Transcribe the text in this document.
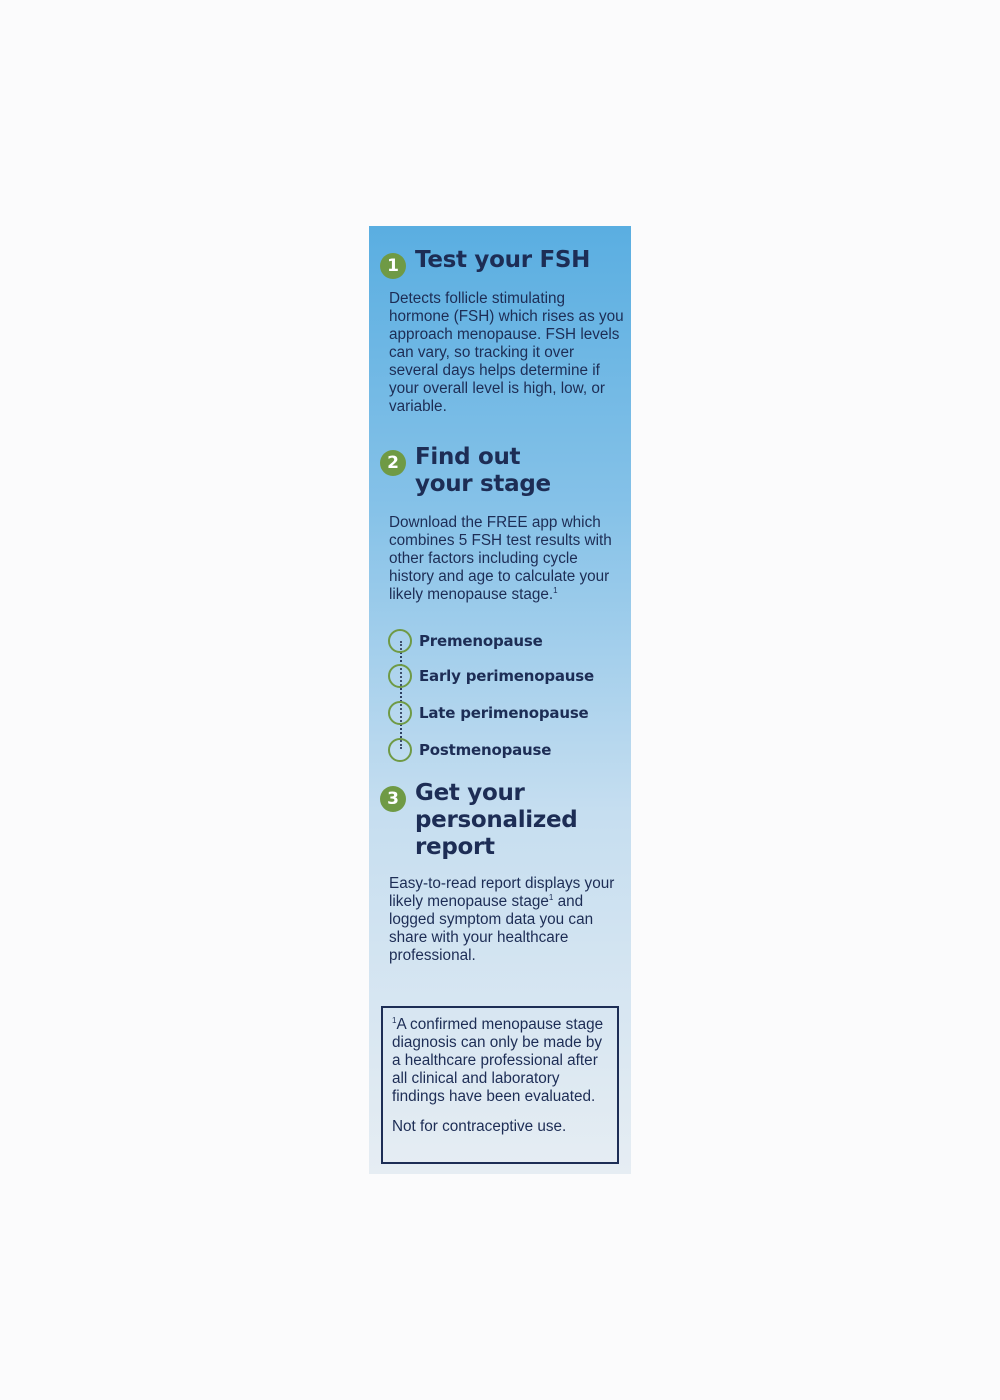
1 Test your FSH

Detects follicle stimulating hormone (FSH) which rises as you approach menopause. FSH levels can vary, so tracking it over several days helps determine if your overall level is high, low, or variable.

2 Find out
your stage

Download the FREE app which combines 5 FSH test results with other factors including cycle history and age to calculate your likely menopause stage.$^1$

Premenopause
Early perimenopause
Late perimenopause
Postmenopause
3 Get your
personalized
report

Easy-to-read report displays your likely menopause stage$^1$ and logged symptom data you can share with your healthcare professional.

$^1$A confirmed menopause stage diagnosis can only be made by a healthcare professional after all clinical and laboratory findings have been evaluated.

Not for contraceptive use.
